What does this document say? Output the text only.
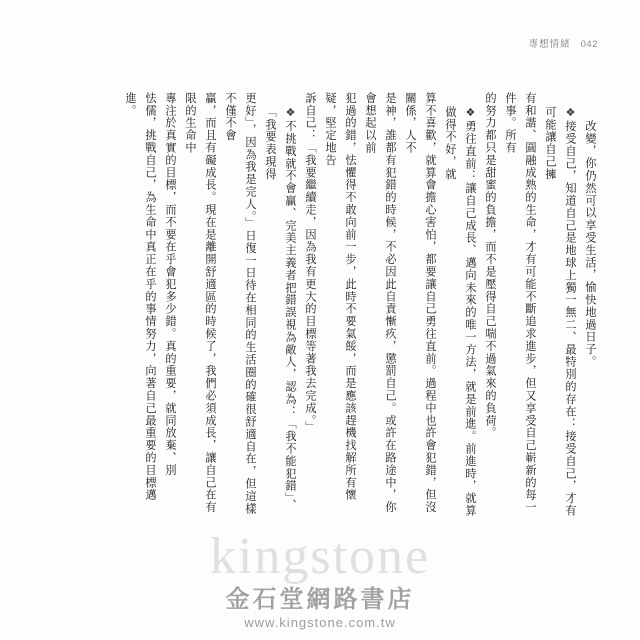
專想情緒 042
改變，你仍然可以享受生活，愉快地過日子。
❖接受自己，知道自己是地球上獨一無二、最特別的存在：接受自己，才有可能讓自己擁
有和諧、圓融成熟的生命，才有可能不斷追求進步，但又享受自己嶄新的每一件事。所有
的努力都只是甜蜜的負擔，而不是壓得自己喘不過氣來的負荷。
❖勇往直前：讓自己成長、邁向未來的唯一方法，就是前進。前進時，就算做得不好，就
算不喜歡，就算會擔心害怕，都要讓自己勇往直前。過程中也許會犯錯，但沒關係，人不
是神，誰都有犯錯的時候，不必因此自責慚疚，懲罰自己。或許在路途中，你會想起以前
犯過的錯，怯懼得不敢向前一步，此時不要氣餒，而是應該趕機找解所有懷疑，堅定地告
訴自己：「我要繼續走，因為我有更大的目標等著我去完成。」
❖不挑戰就不會贏、完美主義者把錯誤視為敵人，認為：「我不能犯錯」、「我要表現得
更好」，因為我是完人。」日復一日待在相同的生活圈的確很舒適自在，但這樣不僅不會
贏，而且有礙成長。現在是離開舒適區的時候了，我們必須成長，讓自己在有限的生命中
專注於真實的目標，而不要在乎會犯多少錯。真的重要，就同放棄、別
怯儒，挑戰自己，為生命中真正在乎的事情努力，向著自己最重要的目標邁進。
kingstone
金石堂網路書店
www.kingstone.com.tw
